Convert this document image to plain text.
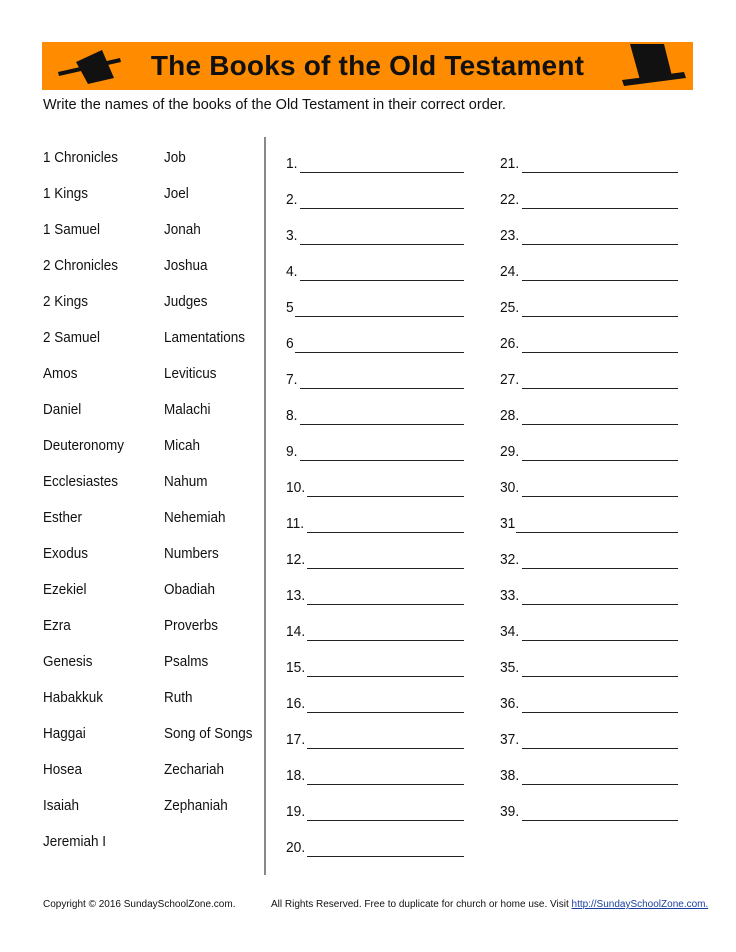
The Books of the Old Testament
Write the names of the books of the Old Testament in their correct order.
1 Chronicles
1 Kings
1 Samuel
2 Chronicles
2 Kings
2 Samuel
Amos
Daniel
Deuteronomy
Ecclesiastes
Esther
Exodus
Ezekiel
Ezra
Genesis
Habakkuk
Haggai
Hosea
Isaiah
Jeremiah I
Job
Joel
Jonah
Joshua
Judges
Lamentations
Leviticus
Malachi
Micah
Nahum
Nehemiah
Numbers
Obadiah
Proverbs
Psalms
Ruth
Song of Songs
Zechariah
Zephaniah
1.
2.
3.
4.
5
6
7.
8.
9.
10.
11.
12.
13.
14.
15.
16.
17.
18.
19.
20.
21.
22.
23.
24.
25.
26.
27.
28.
29.
30.
31
32.
33.
34.
35.
36.
37.
38.
39.
Copyright © 2016 SundaySchoolZone.com.	All Rights Reserved. Free to duplicate for church or home use. Visit http://SundaySchoolZone.com.
